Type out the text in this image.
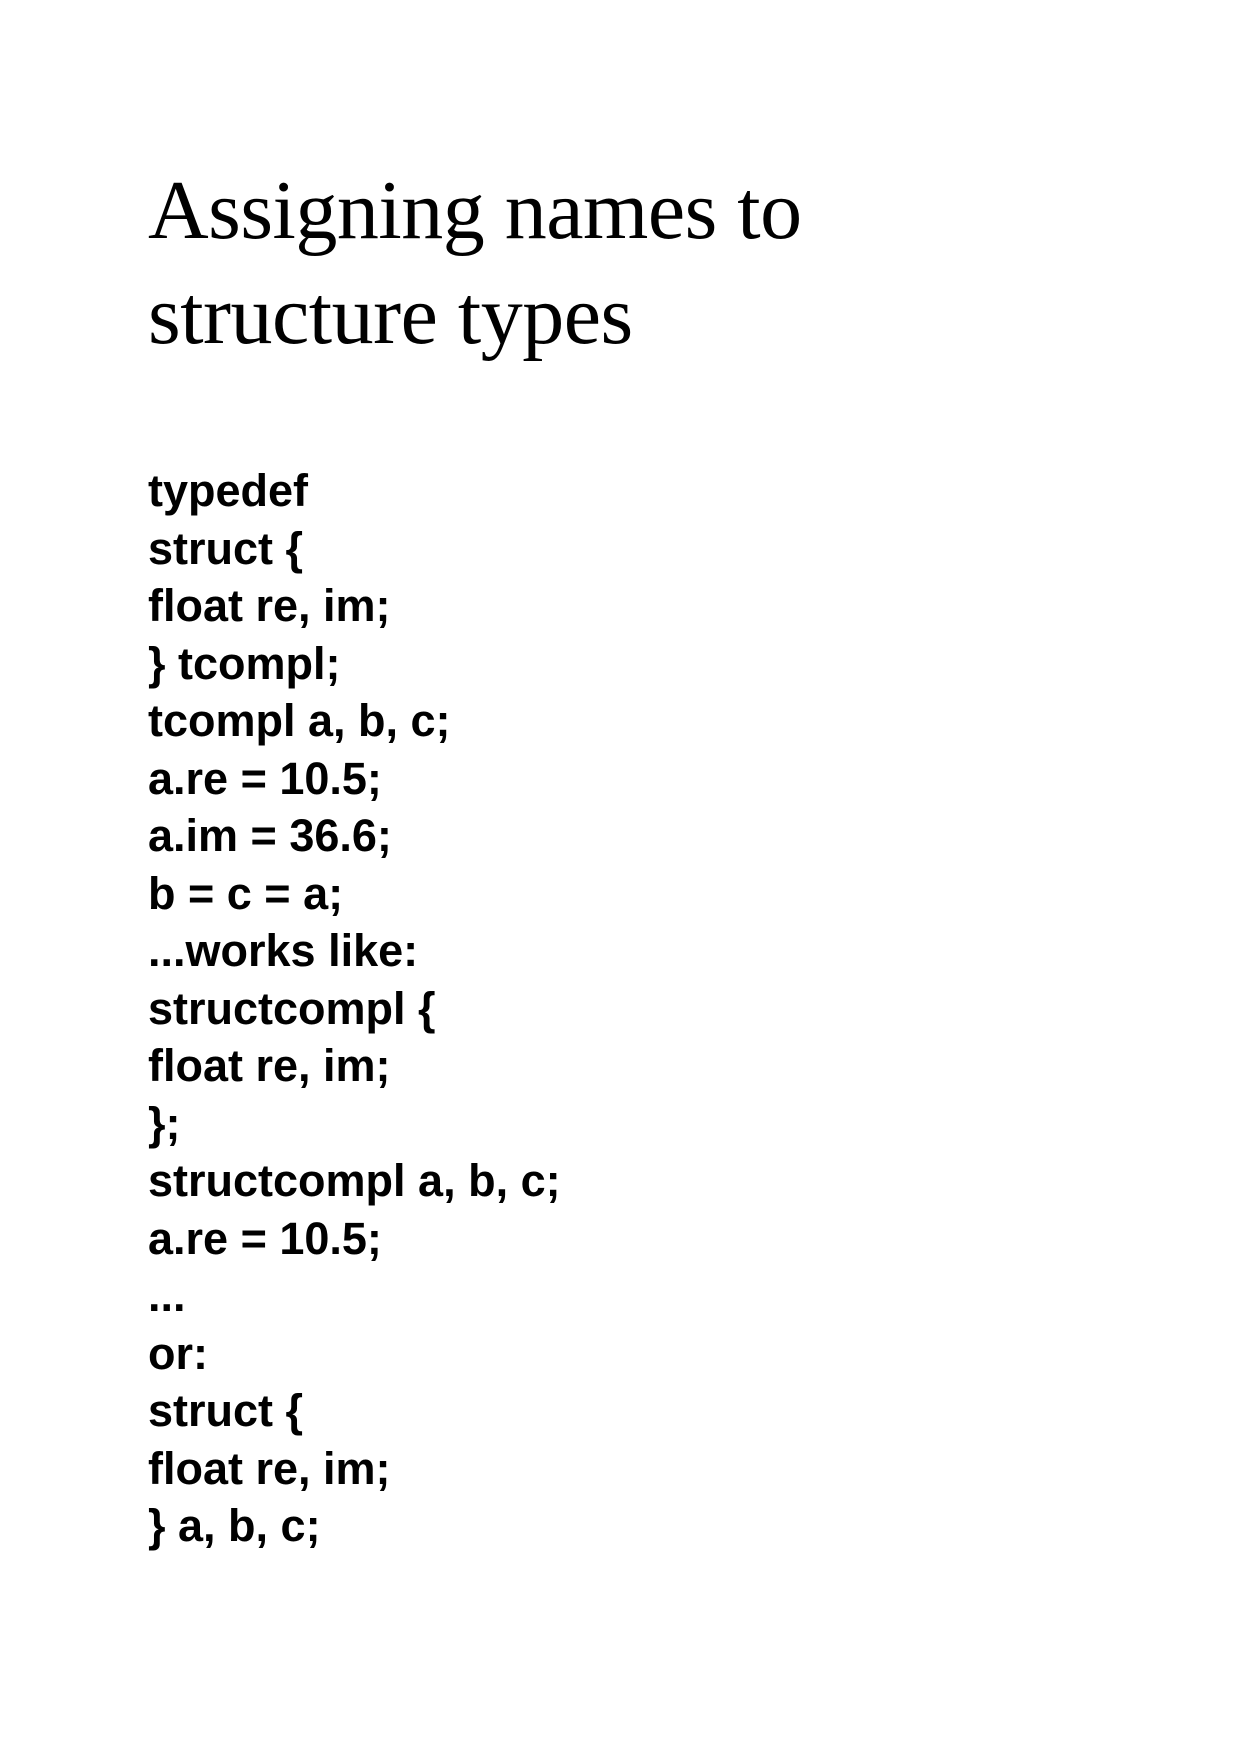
Assigning names to
structure types
typedef
struct {
float re, im;
} tcompl;
tcompl a, b, c;
a.re = 10.5;
a.im = 36.6;
b = c = a;
...works like:
structcompl {
float re, im;
};
structcompl a, b, c;
a.re = 10.5;
...
or:
struct {
float re, im;
} a, b, c;
